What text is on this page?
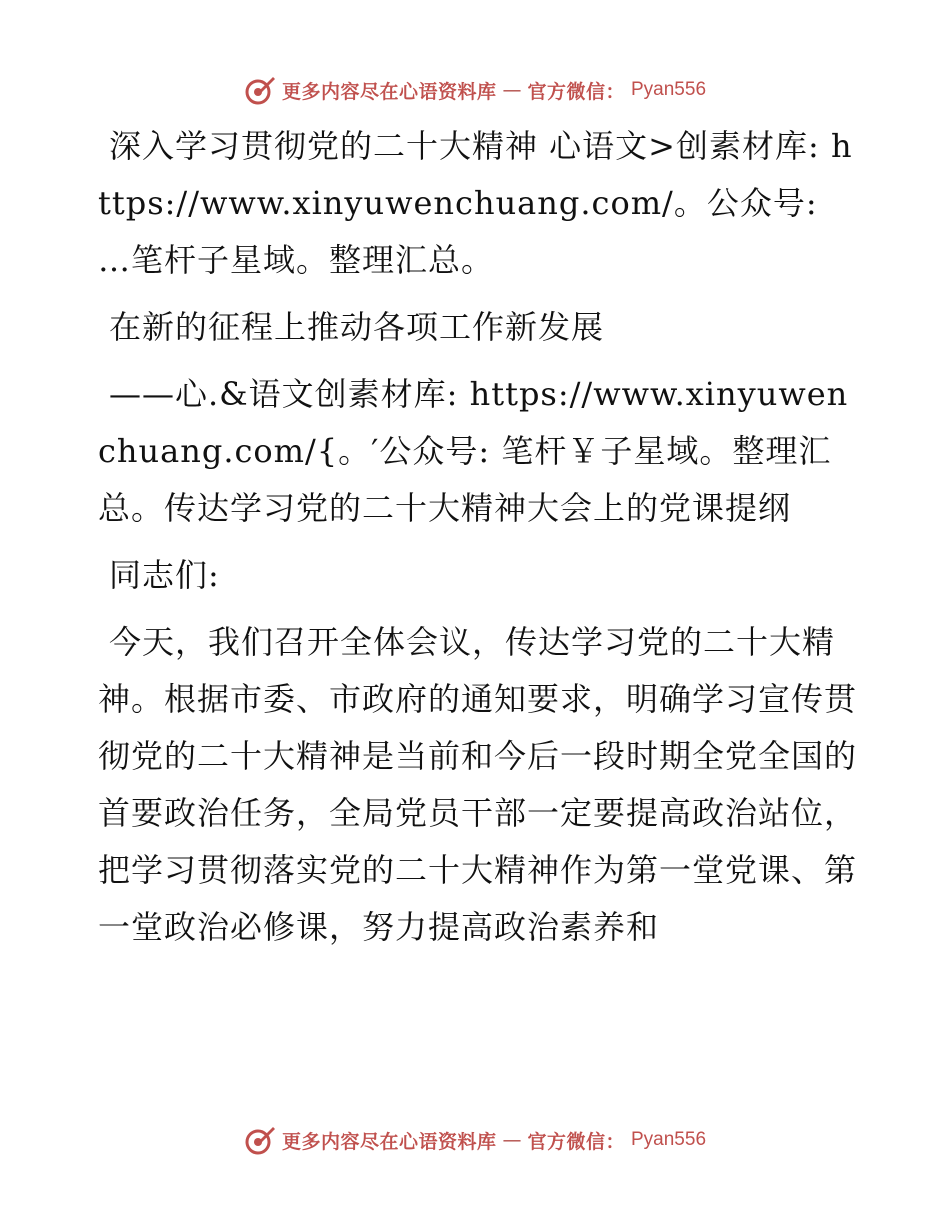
更多内容尽在心语资料库 — 官方微信： Pyan556

深入学习贯彻党的二十大精神 心语文>创素材库: https://www.xinyuwenchuang.com/。公众号: …笔杆子星域。整理汇总。

在新的征程上推动各项工作新发展

——心.&语文创素材库: https://www.xinyuwenchuang.com/{。′公众号: 笔杆￥子星域。整理汇总。传达学习党的二十大精神大会上的党课提纲

同志们:

今天，我们召开全体会议，传达学习党的二十大精神。根据市委、市政府的通知要求，明确学习宣传贯彻党的二十大精神是当前和今后一段时期全党全国的首要政治任务，全局党员干部一定要提高政治站位，把学习贯彻落实党的二十大精神作为第一堂党课、第一堂政治必修课，努力提高政治素养和

更多内容尽在心语资料库 — 官方微信： Pyan556
